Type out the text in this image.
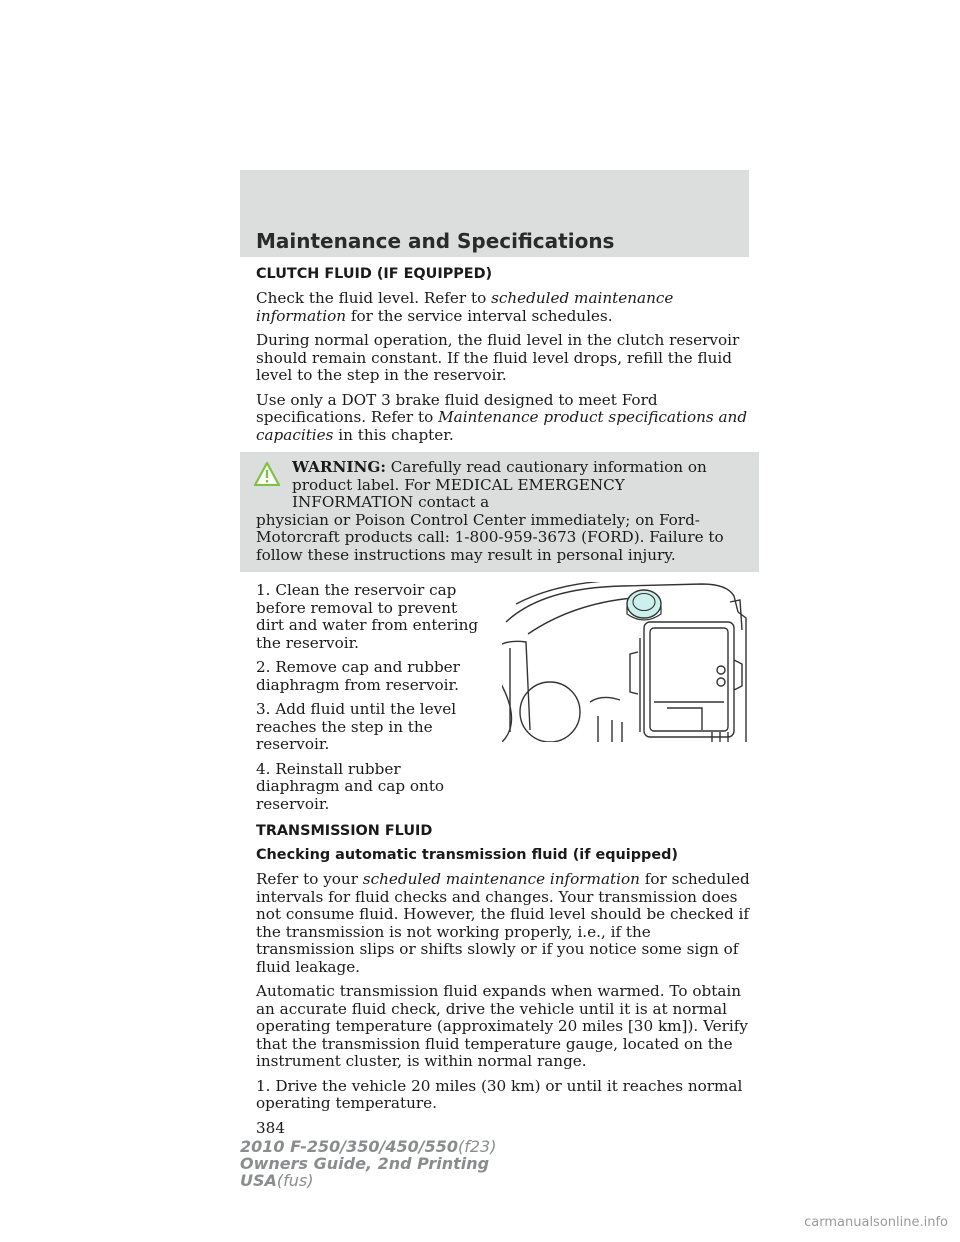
Maintenance and Specifications
CLUTCH FLUID (IF EQUIPPED)

Check the fluid level. Refer to scheduled maintenance information for the service interval schedules.

During normal operation, the fluid level in the clutch reservoir should remain constant. If the fluid level drops, refill the fluid level to the step in the reservoir.

Use only a DOT 3 brake fluid designed to meet Ford specifications. Refer to Maintenance product specifications and capacities in this chapter.

WARNING: Carefully read cautionary information on product label. For MEDICAL EMERGENCY INFORMATION contact a
physician or Poison Control Center immediately; on Ford-Motorcraft products call: 1-800-959-3673 (FORD). Failure to follow these instructions may result in personal injury.

1. Clean the reservoir cap before removal to prevent dirt and water from entering the reservoir.

2. Remove cap and rubber diaphragm from reservoir.

3. Add fluid until the level reaches the step in the reservoir.

4. Reinstall rubber diaphragm and cap onto reservoir.

TRANSMISSION FLUID
Checking automatic transmission fluid (if equipped)

Refer to your scheduled maintenance information for scheduled intervals for fluid checks and changes. Your transmission does not consume fluid. However, the fluid level should be checked if the transmission is not working properly, i.e., if the transmission slips or shifts slowly or if you notice some sign of fluid leakage.

Automatic transmission fluid expands when warmed. To obtain an accurate fluid check, drive the vehicle until it is at normal operating temperature (approximately 20 miles [30 km]). Verify that the transmission fluid temperature gauge, located on the instrument cluster, is within normal range.

1. Drive the vehicle 20 miles (30 km) or until it reaches normal operating temperature.

384
2010 F-250/350/450/550(f23)
Owners Guide, 2nd Printing
USA(fus)
carmanualsonline.info
